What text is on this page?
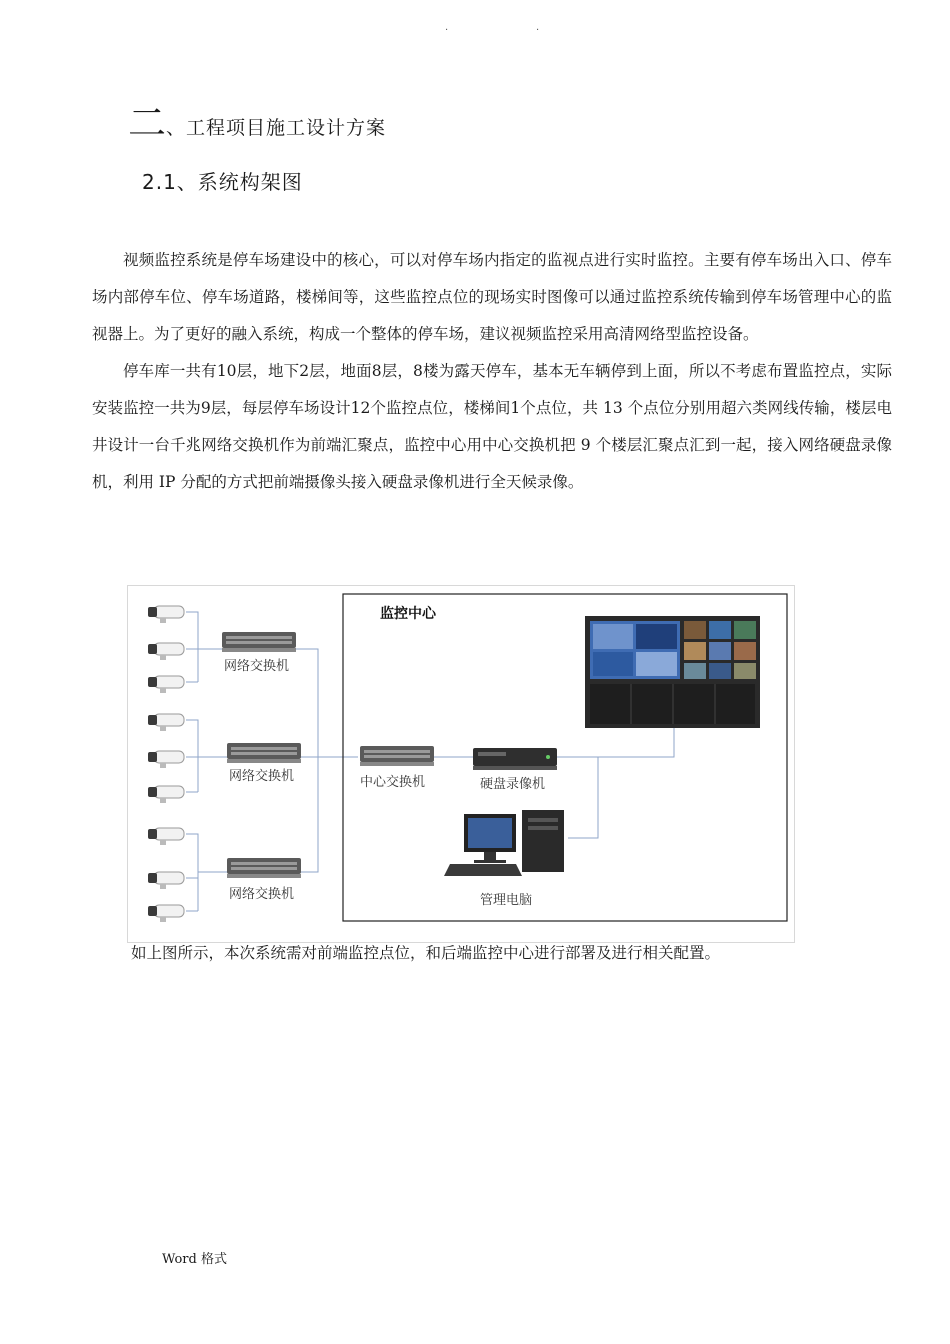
.	.
二、工程项目施工设计方案
2.1、系统构架图

视频监控系统是停车场建设中的核心，可以对停车场内指定的监视点进行实时监控。主要有停车场出入口、停车场内部停车位、停车场道路，楼梯间等，这些监控点位的现场实时图像可以通过监控系统传输到停车场管理中心的监视器上。为了更好的融入系统，构成一个整体的停车场，建议视频监控采用高清网络型监控设备。

停车库一共有10层，地下2层，地面8层，8楼为露天停车，基本无车辆停到上面，所以不考虑布置监控点，实际安装监控一共为9层，每层停车场设计12个监控点位，楼梯间1个点位，共 13 个点位分别用超六类网线传输，楼层电井设计一台千兆网络交换机作为前端汇聚点，监控中心用中心交换机把 9 个楼层汇聚点汇到一起，接入网络硬盘录像机，利用 IP 分配的方式把前端摄像头接入硬盘录像机进行全天候录像。

网络交换机
网络交换机
网络交换机
监控中心
中心交换机	硬盘录像机
管理电脑
如上图所示，本次系统需对前端监控点位，和后端监控中心进行部署及进行相关配置。
Word 格式
